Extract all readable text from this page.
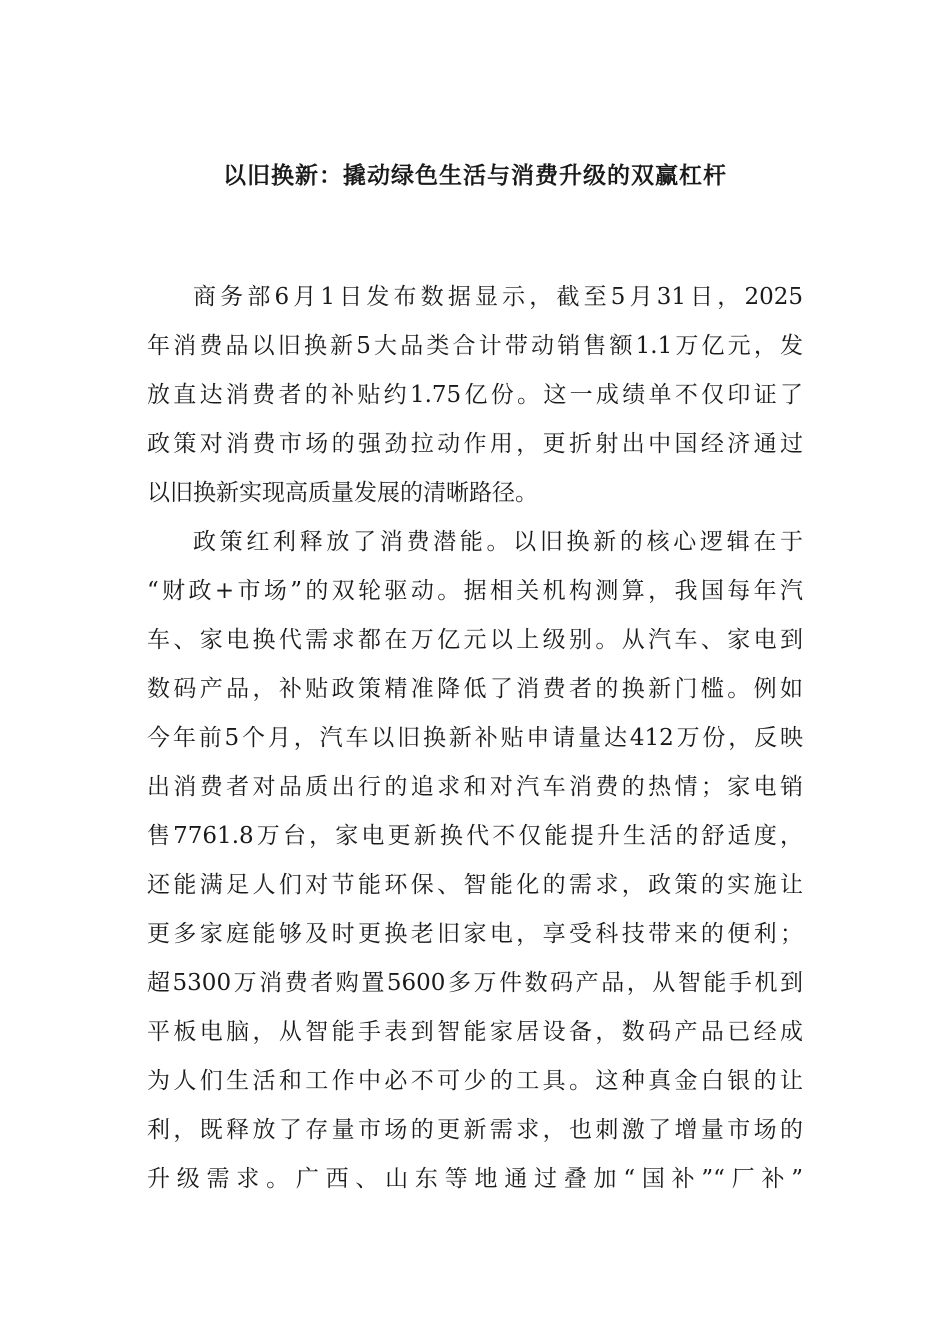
以旧换新：撬动绿色生活与消费升级的双赢杠杆
商务部6月1日发布数据显示，截至5月31日，2025
年消费品以旧换新5大品类合计带动销售额1.1万亿元，发
放直达消费者的补贴约1.75亿份。这一成绩单不仅印证了
政策对消费市场的强劲拉动作用，更折射出中国经济通过
以旧换新实现高质量发展的清晰路径。
政策红利释放了消费潜能。以旧换新的核心逻辑在于
“财政+市场”的双轮驱动。据相关机构测算，我国每年汽
车、家电换代需求都在万亿元以上级别。从汽车、家电到
数码产品，补贴政策精准降低了消费者的换新门槛。例如
今年前5个月，汽车以旧换新补贴申请量达412万份，反映
出消费者对品质出行的追求和对汽车消费的热情；家电销
售7761.8万台，家电更新换代不仅能提升生活的舒适度，
还能满足人们对节能环保、智能化的需求，政策的实施让
更多家庭能够及时更换老旧家电，享受科技带来的便利；
超5300万消费者购置5600多万件数码产品，从智能手机到
平板电脑，从智能手表到智能家居设备，数码产品已经成
为人们生活和工作中必不可少的工具。这种真金白银的让
利，既释放了存量市场的更新需求，也刺激了增量市场的
升级需求。广西、山东等地通过叠加“国补”“厂补”
